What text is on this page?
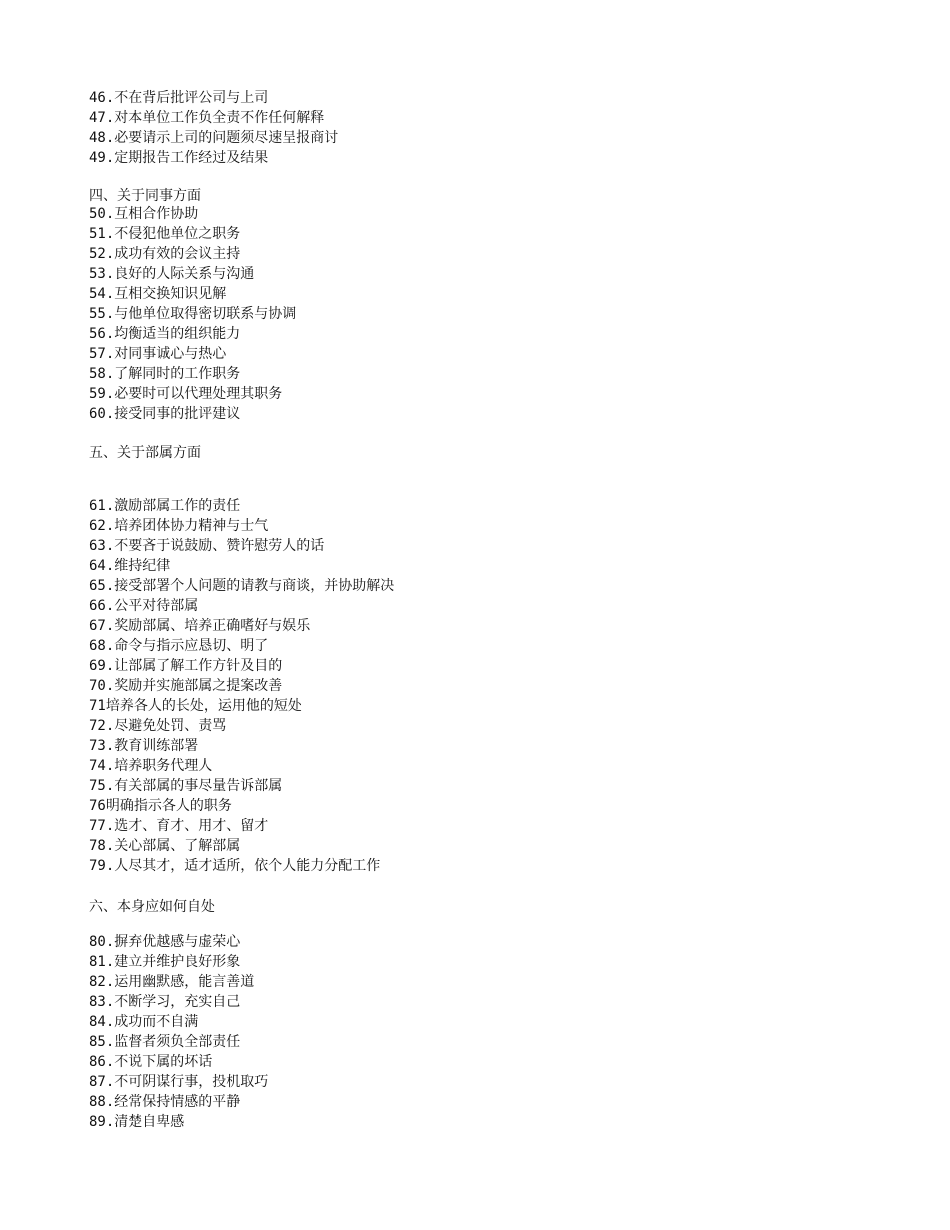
46.不在背后批评公司与上司
47.对本单位工作负全责不作任何解释
48.必要请示上司的问题须尽速呈报商讨
49.定期报告工作经过及结果
四、关于同事方面
50.互相合作协助
51.不侵犯他单位之职务
52.成功有效的会议主持
53.良好的人际关系与沟通
54.互相交换知识见解
55.与他单位取得密切联系与协调
56.均衡适当的组织能力
57.对同事诚心与热心
58.了解同时的工作职务
59.必要时可以代理处理其职务
60.接受同事的批评建议
五、关于部属方面
61.激励部属工作的责任
62.培养团体协力精神与士气
63.不要吝于说鼓励、赞许慰劳人的话
64.维持纪律
65.接受部署个人问题的请教与商谈，并协助解决
66.公平对待部属
67.奖励部属、培养正确嗜好与娱乐
68.命令与指示应恳切、明了
69.让部属了解工作方针及目的
70.奖励并实施部属之提案改善
71培养各人的长处，运用他的短处
72.尽避免处罚、责骂
73.教育训练部署
74.培养职务代理人
75.有关部属的事尽量告诉部属
76明确指示各人的职务
77.选才、育才、用才、留才
78.关心部属、了解部属
79.人尽其才，适才适所，依个人能力分配工作
六、本身应如何自处
80.摒弃优越感与虚荣心
81.建立并维护良好形象
82.运用幽默感，能言善道
83.不断学习，充实自己
84.成功而不自满
85.监督者须负全部责任
86.不说下属的坏话
87.不可阴谋行事，投机取巧
88.经常保持情感的平静
89.清楚自卑感
